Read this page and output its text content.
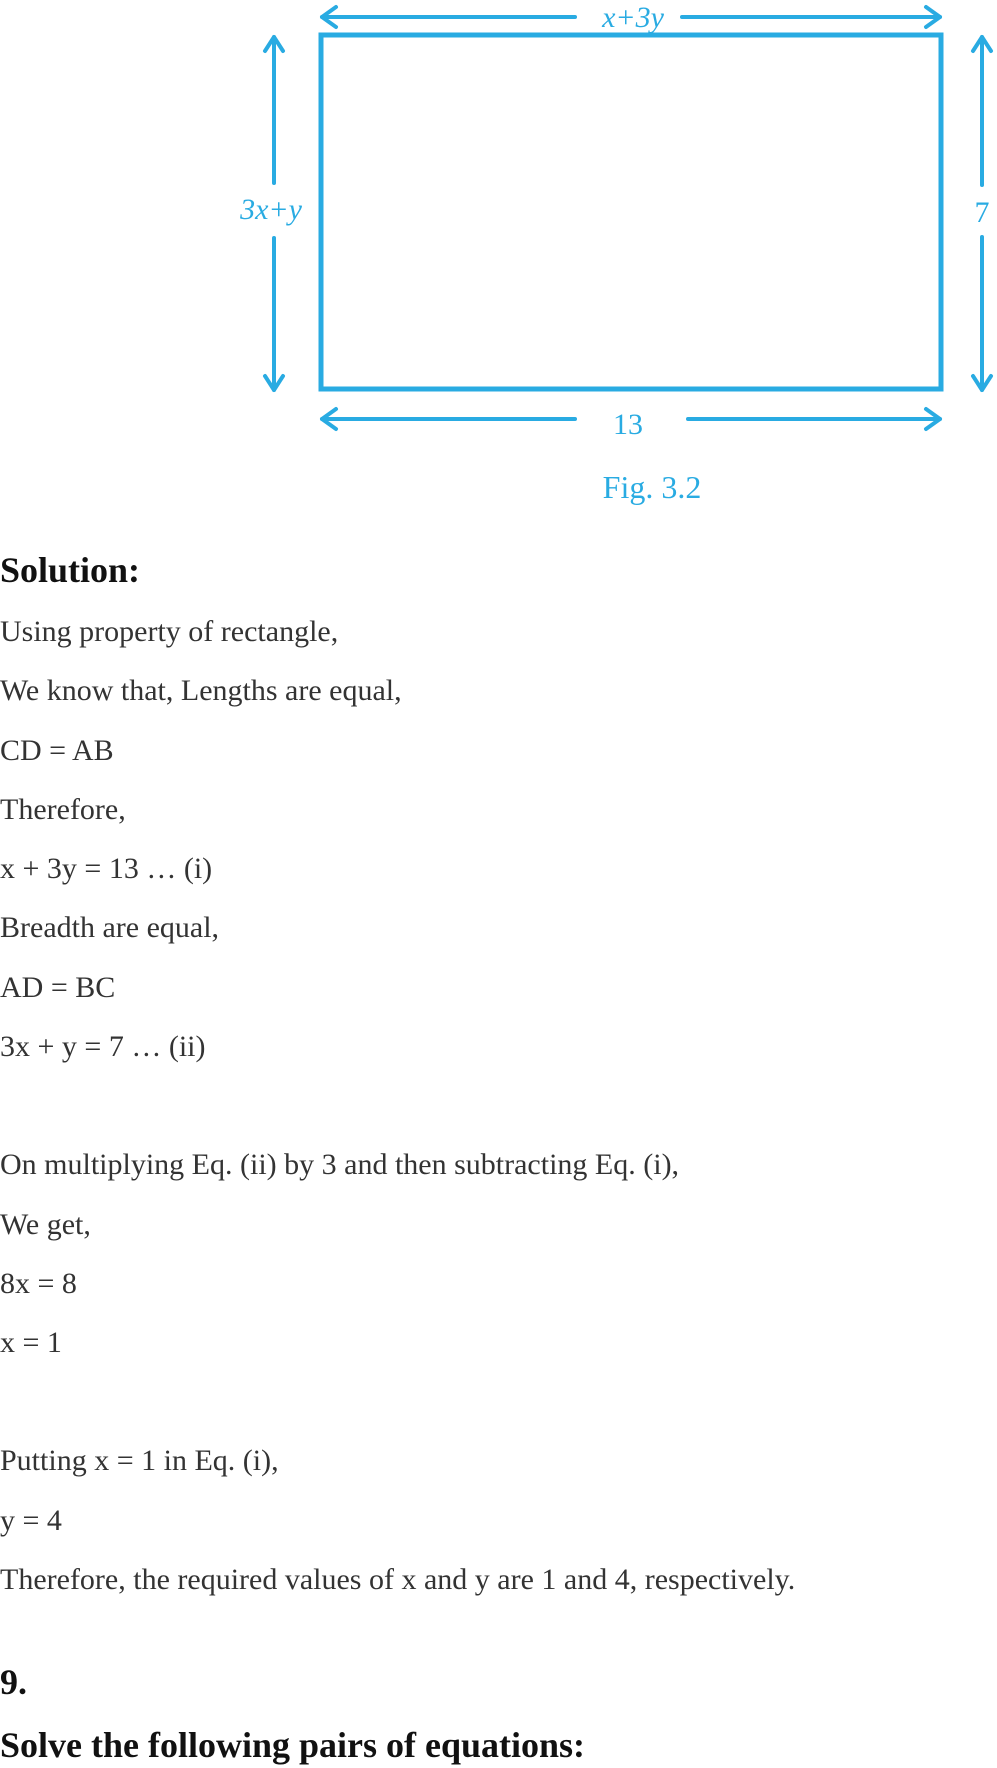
x+3y
3x+y	7
13
Fig. 3.2
Solution:
Using property of rectangle,
We know that, Lengths are equal,
CD = AB
Therefore,
x + 3y = 13 … (i)
Breadth are equal,
AD = BC
3x + y = 7 … (ii)
On multiplying Eq. (ii) by 3 and then subtracting Eq. (i),
We get,
8x = 8
x = 1
Putting x = 1 in Eq. (i),
y = 4
Therefore, the required values of x and y are 1 and 4, respectively.
9.
Solve the following pairs of equations:
